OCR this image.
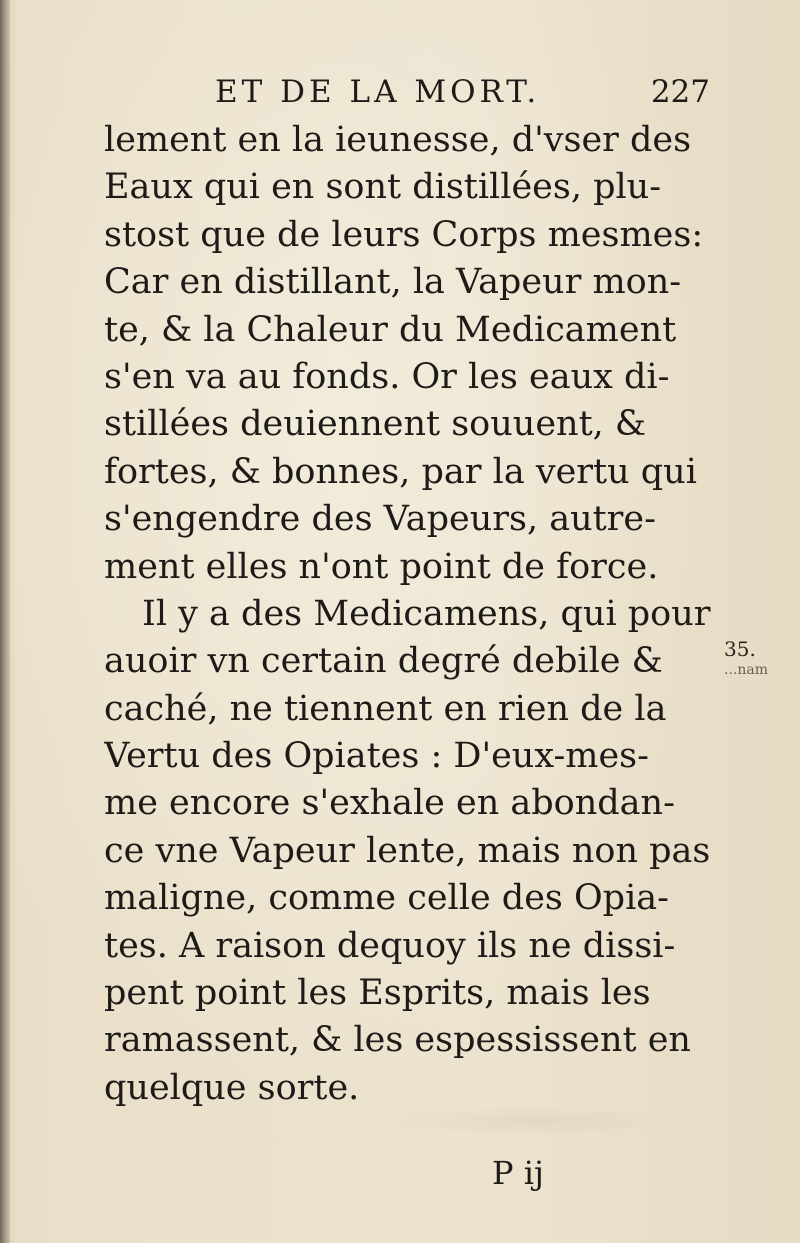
ET DE LA MORT.	227
lement en la ieunesse, d'vser des
Eaux qui en sont distillées, plu-
stost que de leurs Corps mesmes:
Car en distillant, la Vapeur mon-
te, & la Chaleur du Medicament
s'en va au fonds. Or les eaux di-
stillées deuiennent souuent, &
fortes, & bonnes, par la vertu qui
s'engendre des Vapeurs, autre-
ment elles n'ont point de force.
Il y a des Medicamens, qui pour
auoir vn certain degré debile &
caché, ne tiennent en rien de la
Vertu des Opiates : D'eux-mes-
me encore s'exhale en abondan-
ce vne Vapeur lente, mais non pas
maligne, comme celle des Opia-
tes. A raison dequoy ils ne dissi-
pent point les Esprits, mais les
ramassent, & les espessissent en
quelque sorte.
35.
...nam
P ij
